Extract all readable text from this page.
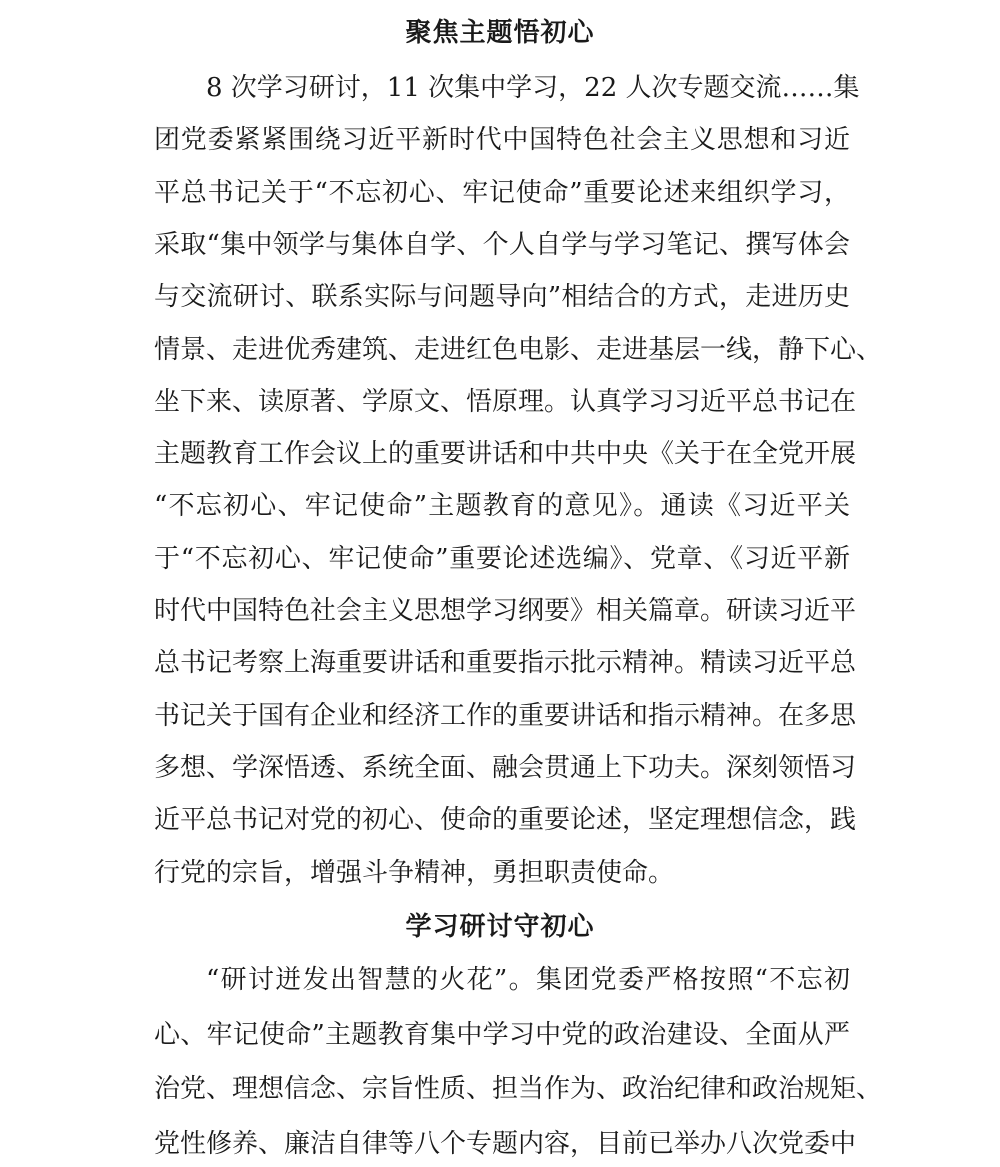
聚焦主题悟初心
学习研讨守初心
8 次学习研讨，11 次集中学习，22 人次专题交流……集
团党委紧紧围绕习近平新时代中国特色社会主义思想和习近
平总书记关于“不忘初心、牢记使命”重要论述来组织学习，
采取“集中领学与集体自学、个人自学与学习笔记、撰写体会
与交流研讨、联系实际与问题导向”相结合的方式，走进历史
情景、走进优秀建筑、走进红色电影、走进基层一线，静下心、
坐下来、读原著、学原文、悟原理。认真学习习近平总书记在
主题教育工作会议上的重要讲话和中共中央《关于在全党开展
“不忘初心、牢记使命”主题教育的意见》。通读《习近平关
于“不忘初心、牢记使命”重要论述选编》、党章、《习近平新
时代中国特色社会主义思想学习纲要》相关篇章。研读习近平
总书记考察上海重要讲话和重要指示批示精神。精读习近平总
书记关于国有企业和经济工作的重要讲话和指示精神。在多思
多想、学深悟透、系统全面、融会贯通上下功夫。深刻领悟习
近平总书记对党的初心、使命的重要论述，坚定理想信念，践
行党的宗旨，增强斗争精神，勇担职责使命。
“研讨迸发出智慧的火花”。集团党委严格按照“不忘初
心、牢记使命”主题教育集中学习中党的政治建设、全面从严
治党、理想信念、宗旨性质、担当作为、政治纪律和政治规矩、
党性修养、廉洁自律等八个专题内容，目前已举办八次党委中
